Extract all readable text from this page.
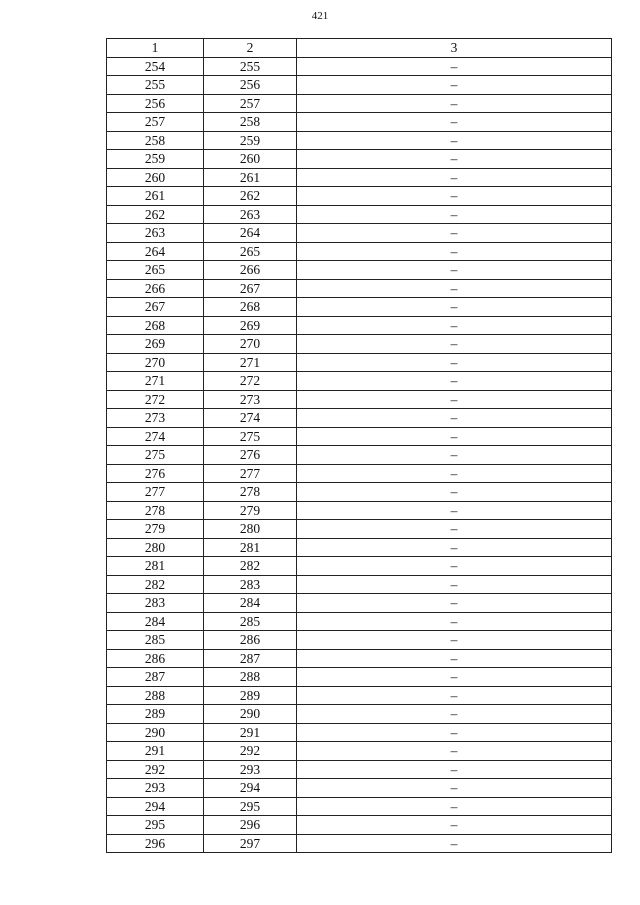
421
1	2	3
254	255	–
255	256	–
256	257	–
257	258	–
258	259	–
259	260	–
260	261	–
261	262	–
262	263	–
263	264	–
264	265	–
265	266	–
266	267	–
267	268	–
268	269	–
269	270	–
270	271	–
271	272	–
272	273	–
273	274	–
274	275	–
275	276	–
276	277	–
277	278	–
278	279	–
279	280	–
280	281	–
281	282	–
282	283	–
283	284	–
284	285	–
285	286	–
286	287	–
287	288	–
288	289	–
289	290	–
290	291	–
291	292	–
292	293	–
293	294	–
294	295	–
295	296	–
296	297	–
